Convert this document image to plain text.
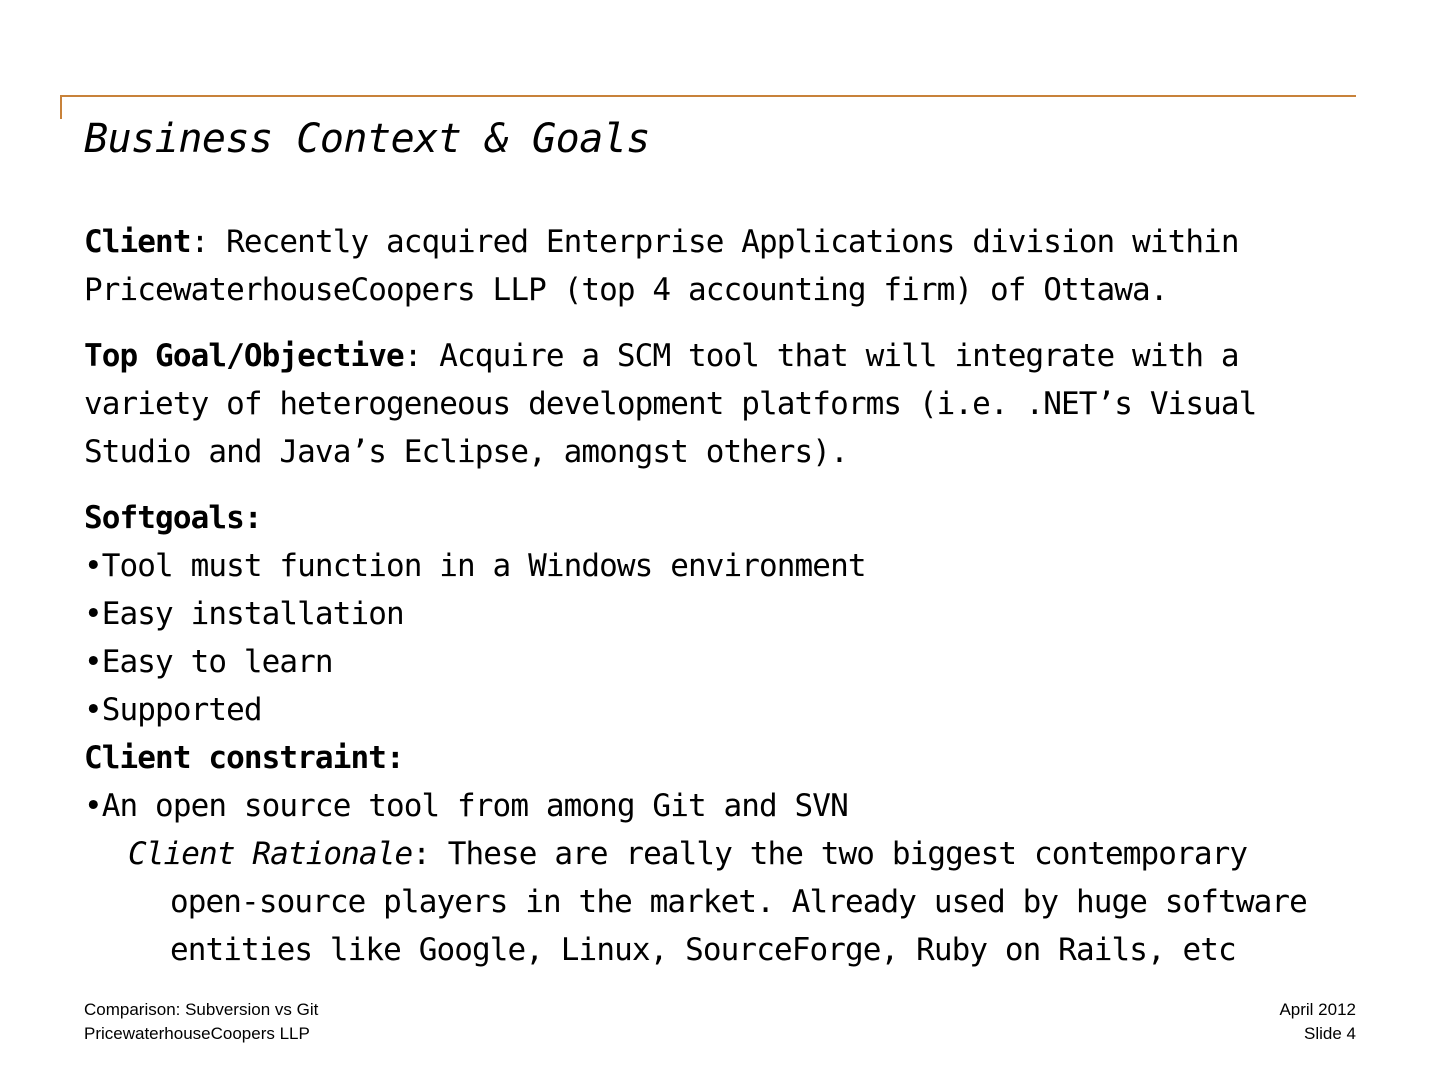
Business Context & Goals

Client: Recently acquired Enterprise Applications division within PricewaterhouseCoopers LLP (top 4 accounting firm) of Ottawa.

Top Goal/Objective: Acquire a SCM tool that will integrate with a variety of heterogeneous development platforms (i.e. .NET’s Visual Studio and Java’s Eclipse, amongst others).

Softgoals:

•Tool must function in a Windows environment

•Easy installation

•Easy to learn

•Supported

Client constraint:

•An open source tool from among Git and SVN

Client Rationale: These are really the two biggest contemporary open-source players in the market. Already used by huge software entities like Google, Linux, SourceForge, Ruby on Rails, etc

Comparison: Subversion vs Git
PricewaterhouseCoopers LLP
April 2012
Slide 4
